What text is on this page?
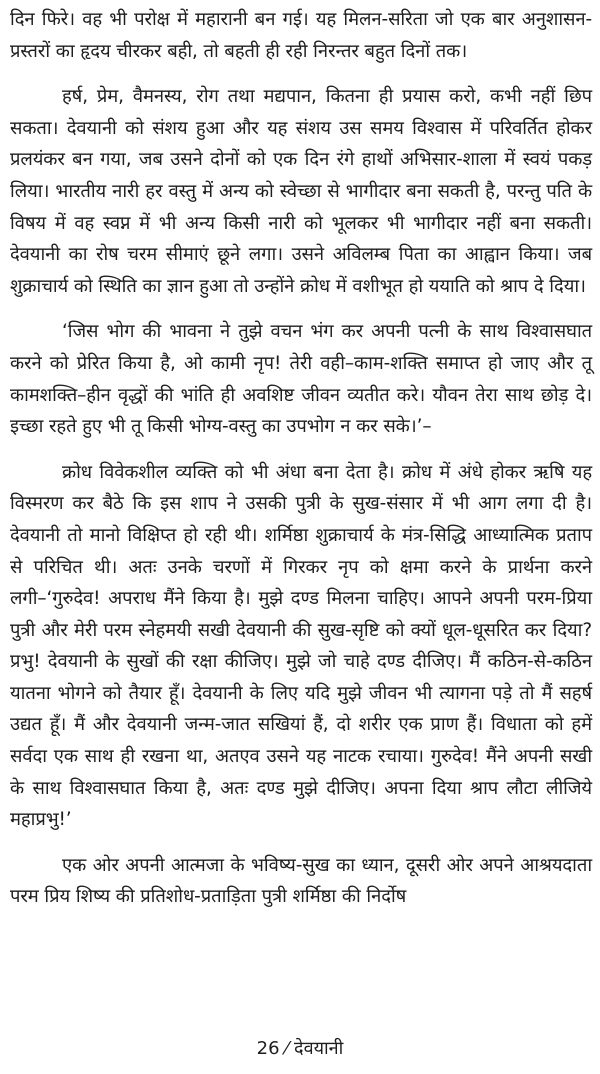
दिन फिरे। वह भी परोक्ष में महारानी बन गई। यह मिलन-सरिता जो एक बार अनुशासन-प्रस्तरों का हृदय चीरकर बही, तो बहती ही रही निरन्तर बहुत दिनों तक।

हर्ष, प्रेम, वैमनस्य, रोग तथा मद्यपान, कितना ही प्रयास करो, कभी नहीं छिप सकता। देवयानी को संशय हुआ और यह संशय उस समय विश्वास में परिवर्तित होकर प्रलयंकर बन गया, जब उसने दोनों को एक दिन रंगे हाथों अभिसार-शाला में स्वयं पकड़ लिया। भारतीय नारी हर वस्तु में अन्य को स्वेच्छा से भागीदार बना सकती है, परन्तु पति के विषय में वह स्वप्न में भी अन्य किसी नारी को भूलकर भी भागीदार नहीं बना सकती। देवयानी का रोष चरम सीमाएं छूने लगा। उसने अविलम्ब पिता का आह्वान किया। जब शुक्राचार्य को स्थिति का ज्ञान हुआ तो उन्होंने क्रोध में वशीभूत हो ययाति को श्राप दे दिया।

‘जिस भोग की भावना ने तुझे वचन भंग कर अपनी पत्नी के साथ विश्वासघात करने को प्रेरित किया है, ओ कामी नृप! तेरी वही–काम-शक्ति समाप्त हो जाए और तू कामशक्ति–हीन वृद्धों की भांति ही अवशिष्ट जीवन व्यतीत करे। यौवन तेरा साथ छोड़ दे। इच्छा रहते हुए भी तू किसी भोग्य-वस्तु का उपभोग न कर सके।’–

क्रोध विवेकशील व्यक्ति को भी अंधा बना देता है। क्रोध में अंधे होकर ऋषि यह विस्मरण कर बैठे कि इस शाप ने उसकी पुत्री के सुख-संसार में भी आग लगा दी है। देवयानी तो मानो विक्षिप्त हो रही थी। शर्मिष्ठा शुक्राचार्य के मंत्र-सिद्धि आध्यात्मिक प्रताप से परिचित थी। अतः उनके चरणों में गिरकर नृप को क्षमा करने के प्रार्थना करने लगी–‘गुरुदेव! अपराध मैंने किया है। मुझे दण्ड मिलना चाहिए। आपने अपनी परम-प्रिया पुत्री और मेरी परम स्नेहमयी सखी देवयानी की सुख-सृष्टि को क्यों धूल-धूसरित कर दिया? प्रभु! देवयानी के सुखों की रक्षा कीजिए। मुझे जो चाहे दण्ड दीजिए। मैं कठिन-से-कठिन यातना भोगने को तैयार हूँ। देवयानी के लिए यदि मुझे जीवन भी त्यागना पड़े तो मैं सहर्ष उद्यत हूँ। मैं और देवयानी जन्म-जात सखियां हैं, दो शरीर एक प्राण हैं। विधाता को हमें सर्वदा एक साथ ही रखना था, अतएव उसने यह नाटक रचाया। गुरुदेव! मैंने अपनी सखी के साथ विश्वासघात किया है, अतः दण्ड मुझे दीजिए। अपना दिया श्राप लौटा लीजिये महाप्रभु!’

एक ओर अपनी आत्मजा के भविष्य-सुख का ध्यान, दूसरी ओर अपने आश्रयदाता परम प्रिय शिष्य की प्रतिशोध-प्रताड़िता पुत्री शर्मिष्ठा की निर्दोष

26 ⁄ देवयानी
